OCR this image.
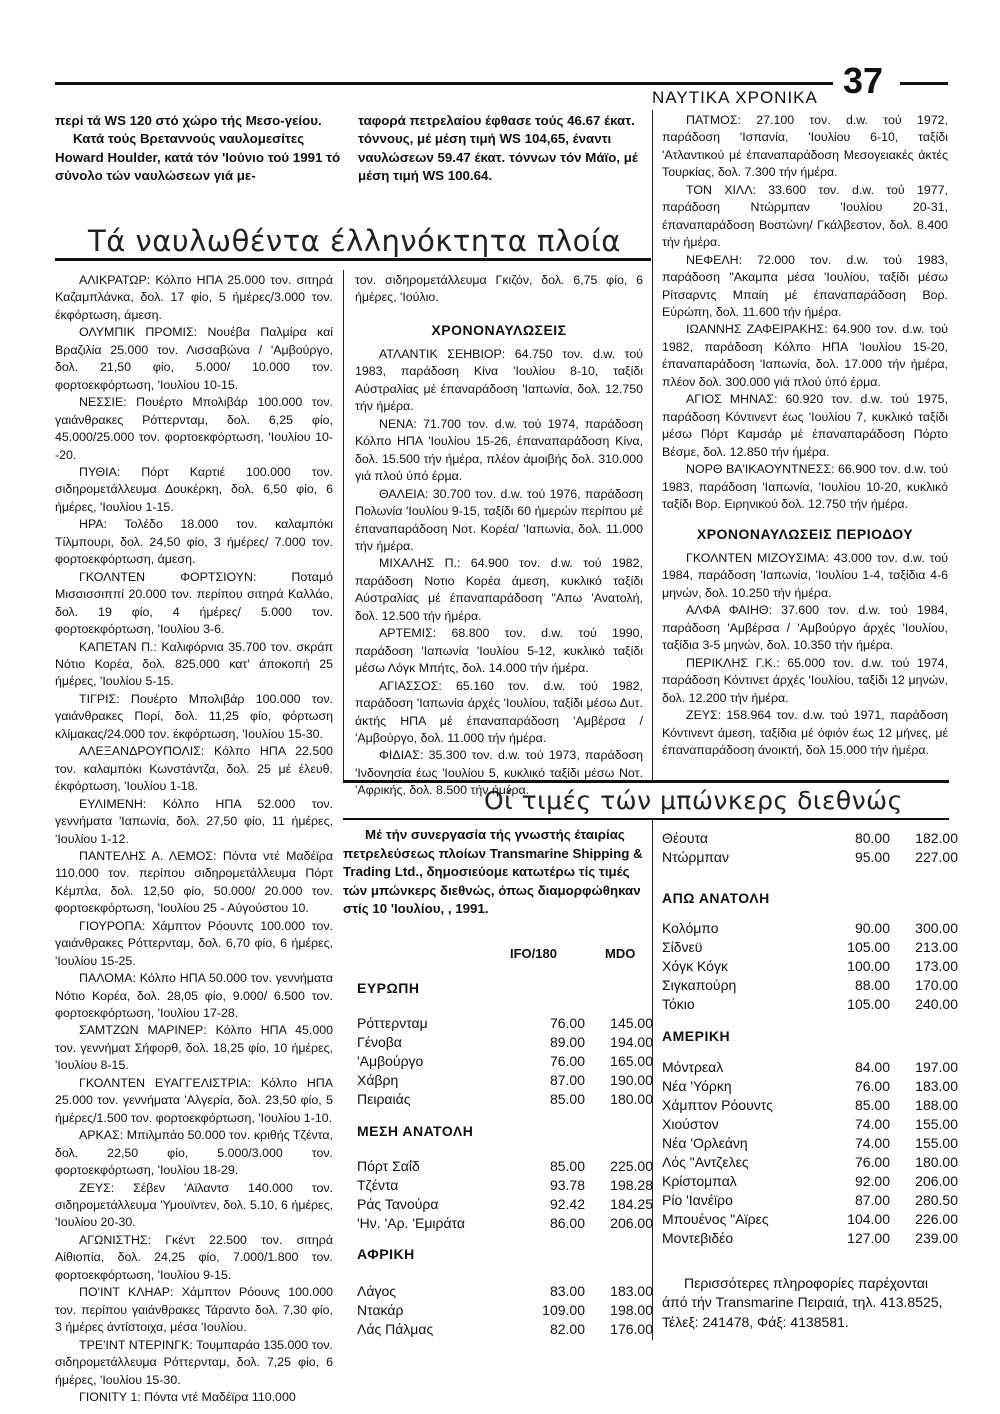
ΝΑΥΤΙΚΑ ΧΡΟΝΙΚΑ 37

περί τά WS 120 στό χώρο τής Μεσο-γείου.

Κατά τούς Βρεταννούς ναυλομεσίτες Howard Houlder, κατά τόν 'Ιούνιο τού 1991 τό σύνολο τών ναυλώσεων γιά με-

ταφορά πετρελαίου έφθασε τούς 46.67 έκατ. τόννους, μέ μέση τιμή WS 104,65, έναντι ναυλώσεων 59.47 έκατ. τόννων τόν Μάϊο, μέ μέση τιμή WS 100.64.

Τά ναυλωθέντα έλληνόκτητα πλοία

ΑΛΙΚΡΑΤΩΡ: Κόλπο ΗΠΑ 25.000 τον. σιτηρά Καζαμπλάνκα, δολ. 17 φίο, 5 ήμέρες/3.000 τον. έκφόρτωση, άμεση.

ΟΛΥΜΠΙΚ ΠΡΟΜΙΣ: Νουέβα Παλμίρα καί Βραζιλία 25.000 τον. Λισσαβώνα / 'Αμβούργο, δολ. 21,50 φίο, 5.000/ 10.000 τον. φορτοεκφόρτωση, 'Ιουλίου 10-15.

ΝΕΣΣΙΕ: Πουέρτο Μπολιβάρ 100.000 τον. γαιάνθρακες Ρόττερνταμ, δολ. 6,25 φίο, 45.000/25.000 τον. φορτοεκφόρτωση, 'Ιουλίου 10--20.

ΠΥΘΙΑ: Πόρτ Καρτιέ 100.000 τον. σιδηρομετάλλευμα Δουκέρκη, δολ. 6,50 φίο, 6 ήμέρες, 'Ιουλίου 1-15.

ΗΡΑ: Τολέδο 18.000 τον. καλαμπόκι Τίλμπουρι, δολ. 24,50 φίο, 3 ήμέρες/ 7.000 τον. φορτοεκφόρτωση, άμεση.

ΓΚΟΛΝΤΕΝ ΦΟΡΤΣΙΟΥΝ: Ποταμό Μισσισσιππί 20.000 τον. περίπου σιτηρά Καλλάο, δολ. 19 φίο, 4 ήμέρες/ 5.000 τον. φορτοεκφόρτωση, 'Ιουλίου 3-6.

ΚΑΠΕΤΑΝ Π.: Καλιφόρνια 35.700 τον. σκράπ Νότιο Κορέα, δολ. 825.000 κατ' άποκοπή 25 ήμέρες, 'Ιουλίου 5-15.

ΤΙΓΡΙΣ: Πουέρτο Μπολιβάρ 100.000 τον. γαιάνθρακες Πορί, δολ. 11,25 φίο, φόρτωση κλίμακας/24.000 τον. έκφόρτωση, 'Ιουλίου 15-30.

ΑΛΕΞΑΝΔΡΟΥΠΟΛΙΣ: Κόλπο ΗΠΑ 22.500 τον. καλαμπόκι Κωνστάντζα, δολ. 25 μέ έλευθ. έκφόρτωση, 'Ιουλίου 1-18.

ΕΥΛΙΜΕΝΗ: Κόλπο ΗΠΑ 52.000 τον. γεννήματα 'Ιαπωνία, δολ. 27,50 φίο, 11 ήμέρες, 'Ιουλίου 1-12.

ΠΑΝΤΕΛΗΣ Α. ΛΕΜΟΣ: Πόντα ντέ Μαδέϊρα 110.000 τον. περίπου σιδηρομετάλλευμα Πόρτ Κέμπλα, δολ. 12,50 φίο, 50.000/ 20.000 τον. φορτοεκφόρτωση, 'Ιουλίου 25 - Αύγούστου 10.

ΓΙΟΥΡΟΠΑ: Χάμπτον Ρόουντς 100.000 τον. γαιάνθρακες Ρόττερνταμ, δολ. 6,70 φίο, 6 ήμέρες, 'Ιουλίου 15-25.

ΠΑΛΟΜΑ: Κόλπο ΗΠΑ 50.000 τον. γεννήματα Νότιο Κορέα, δολ. 28,05 φίο, 9.000/ 6.500 τον. φορτοεκφόρτωση, 'Ιουλίου 17-28.

ΣΑΜΤΖΩΝ ΜΑΡΙΝΕΡ: Κόλπο ΗΠΑ 45.000 τον. γεννήματ Σήφορθ, δολ. 18,25 φίο, 10 ήμέρες, 'Ιουλίου 8-15.

ΓΚΟΛΝΤΕΝ ΕΥΑΓΓΕΛΙΣΤΡΙΑ: Κόλπο ΗΠΑ 25.000 τον. γεννήματα 'Αλγερία, δολ. 23,50 φίο, 5 ήμέρες/1.500 τον. φορτοεκφόρτωση, 'Ιουλίου 1-10.

ΑΡΚΑΣ: Μπιλμπάο 50.000 τον. κριθής Τζέντα, δολ. 22,50 φίο, 5.000/3.000 τον. φορτοεκφόρτωση, 'Ιουλίου 18-29.

ΖΕΥΣ: Σέβεν 'Αϊλαντσ 140.000 τον. σιδηρομετάλλευμα 'Υμουϊντεν, δολ. 5.10, 6 ήμέρες, 'Ιουλίου 20-30.

ΑΓΩΝΙΣΤΗΣ: Γκέντ 22.500 τον. σιτηρά Αίθιοπία, δολ. 24,25 φίο, 7.000/1.800 τον. φορτοεκφόρτωση, 'Ιουλίου 9-15.

ΠΟ'ΙΝΤ ΚΛΗΑΡ: Χάμπτον Ρόουνς 100.000 τον. περίπου γαιάνθρακες Τάραντο δολ. 7,30 φίο, 3 ήμέρες άντίστοιχα, μέσα 'Ιουλίου.

ΤΡΕ'ΙΝΤ ΝΤΕΡΙΝΓΚ: Τουμπαράο 135.000 τον. σιδηρομετάλλευμα Ρόττερνταμ, δολ. 7,25 φίο, 6 ήμέρες, 'Ιουλίου 15-30.

ΓΙΟΝΙΤΥ 1: Πόντα ντέ Μαδέϊρα 110.000

τον. σιδηρομετάλλευμα Γκιζόν, δολ. 6,75 φίο, 6 ήμέρες, 'Ιούλιο.

ΧΡΟΝΟΝΑΥΛΩΣΕΙΣ

ΑΤΛΑΝΤΙΚ ΣΕΗΒΙΟΡ: 64.750 τον. d.w. τού 1983, παράδοση Κίνα 'Ιουλίου 8-10, ταξίδι Αύστραλίας μέ έπαναράδοση 'Ιαπωνία, δολ. 12.750 τήν ήμέρα.

ΝΕΝΑ: 71.700 τον. d.w. τού 1974, παράδοση Κόλπο ΗΠΑ 'Ιουλίου 15-26, έπαναπαράδοση Κίνα, δολ. 15.500 τήν ήμέρα, πλέον άμοιβής δολ. 310.000 γιά πλού ύπό έρμα.

ΘΑΛΕΙΑ: 30.700 τον. d.w. τού 1976, παράδοση Πολωνία 'Ιουλίου 9-15, ταξίδι 60 ήμερών περίπου μέ έπαναπαράδοση Νοτ. Κορέα/ 'Ιαπωνία, δολ. 11.000 τήν ήμέρα.

ΜΙΧΑΛΗΣ Π.: 64.900 τον. d.w. τού 1982, παράδοση Νοτιο Κορέα άμεση, κυκλικό ταξίδι Αύστραλίας μέ έπαναπαράδοση "Απω 'Ανατολή, δολ. 12.500 τήν ήμέρα.

ΑΡΤΕΜΙΣ: 68.800 τον. d.w. τού 1990, παράδοση 'Ιαπωνία 'Ιουλίου 5-12, κυκλικό ταξίδι μέσω Λόγκ Μπήτς, δολ. 14.000 τήν ήμέρα.

ΑΓΙΑΣΣΟΣ: 65.160 τον. d.w. τού 1982, παράδοση 'Ιαπωνία άρχές 'Ιουλίου, ταξίδι μέσω Δυτ. άκτής ΗΠΑ μέ έπαναπαράδοση 'Αμβέρσα / 'Αμβούργο, δολ. 11.000 τήν ήμέρα.

ΦΙΔΙΑΣ: 35.300 τον. d.w. τού 1973, παράδοση 'Ινδονησία έως 'Ιουλίου 5, κυκλικό ταξίδι μέσω Νοτ. 'Αφρικής, δολ. 8.500 τήν ήμέρα.

ΠΑΤΜΟΣ: 27.100 τον. d.w. τού 1972, παράδοση 'Ισπανία, 'Ιουλίου 6-10, ταξίδι 'Ατλαντικού μέ έπαναπαράδοση Μεσογειακές άκτές Τουρκίας, δολ. 7.300 τήν ήμέρα.

ΤΟΝ ΧΙΛΛ: 33.600 τον. d.w. τού 1977, παράδοση Ντώρμπαν 'Ιουλίου 20-31, έπαναπαράδοση Βοστώνη/ Γκάλβεστον, δολ. 8.400 τήν ήμέρα.

ΝΕΦΕΛΗ: 72.000 τον. d.w. τού 1983, παράδοση "Ακαμπα μέσα 'Ιουλίου, ταξίδι μέσω Ρίτσαρντς Μπαίη μέ έπαναπαράδοση Βορ. Εύρώπη, δολ. 11.600 τήν ήμέρα.

ΙΩΑΝΝΗΣ ΖΑΦΕΙΡΑΚΗΣ: 64.900 τον. d.w. τού 1982, παράδοση Κόλπο ΗΠΑ 'Ιουλίου 15-20, έπαναπαράδοση 'Ιαπωνία, δολ. 17.000 τήν ήμέρα, πλέον δολ. 300.000 γιά πλού ύπό έρμα.

ΑΓΙΟΣ ΜΗΝΑΣ: 60.920 τον. d.w. τού 1975, παράδοση Κόντινεντ έως 'Ιουλίου 7, κυκλικό ταξίδι μέσω Πόρτ Καμσάρ μέ έπαναπαράδοση Πόρτο Βέσμε, δολ. 12.850 τήν ήμέρα.

ΝΟΡΘ ΒΑ'ΙΚΑΟΥΝΤΝΕΣΣ: 66.900 τον. d.w. τού 1983, παράδοση 'Ιαπωνία, 'Ιουλίου 10-20, κυκλικό ταξίδι Βορ. Ειρηνικού δολ. 12.750 τήν ήμέρα.

ΧΡΟΝΟΝΑΥΛΩΣΕΙΣ ΠΕΡΙΟΔΟΥ

ΓΚΟΛΝΤΕΝ ΜΙΖΟΥΣΙΜΑ: 43.000 τον. d.w. τού 1984, παράδοση 'Ιαπωνία, 'Ιουλίου 1-4, ταξίδια 4-6 μηνών, δολ. 10.250 τήν ήμέρα.

ΑΛΦΑ ΦΑΙΗΘ: 37.600 τον. d.w. τού 1984, παράδοση 'Αμβέρσα / 'Αμβούργο άρχές 'Ιουλίου, ταξίδια 3-5 μηνών, δολ. 10.350 τήν ήμέρα.

ΠΕΡΙΚΛΗΣ Γ.Κ.: 65.000 τον. d.w. τού 1974, παράδοση Κόντινετ άρχές 'Ιουλίου, ταξίδι 12 μηνών, δολ. 12.200 τήν ήμέρα.

ΖΕΥΣ: 158.964 τον. d.w. τού 1971, παράδοση Κόντινεντ άμεση, ταξίδια μέ όφιόν έως 12 μήνες, μέ έπαναπαράδοση άνοικτή, δολ 15.000 τήν ήμέρα.

Οί τιμές τών μπώνκερς διεθνώς
Μέ τήν συνεργασία τής γνωστής έταιρίας πετρελεύσεως πλοίων Transmarine Shipping & Trading Ltd., δημοσιεύομε κατωτέρω τίς τιμές τών μπώνκερς διεθνώς, όπως διαμορφώθηκαν στίς 10 'Ιουλίου, , 1991.
IFO/180	MDO
ΕΥΡΩΠΗ
Ρόττερνταμ	76.00	145.00
Γένοβα	89.00	194.00
'Αμβούργο	76.00	165.00
Χάβρη	87.00	190.00
Πειραιάς	85.00	180.00
ΜΕΣΗ ΑΝΑΤΟΛΗ
Πόρτ Σαΐδ	85.00	225.00
Τζέντα	93.78	198.28
Ράς Τανούρα	92.42	184.25
'Ην. 'Αρ. 'Εμιράτα	86.00	206.00
ΑΦΡΙΚΗ
Λάγος	83.00	183.00
Ντακάρ	109.00	198.00
Λάς Πάλμας	82.00	176.00
Θέουτα	80.00	182.00
Ντώρμπαν	95.00	227.00
ΑΠΩ ΑΝΑΤΟΛΗ
Κολόμπο	90.00	300.00
Σίδνεϋ	105.00	213.00
Χόγκ Κόγκ	100.00	173.00
Σιγκαπούρη	88.00	170.00
Τόκιο	105.00	240.00
ΑΜΕΡΙΚΗ
Μόντρεαλ	84.00	197.00
Νέα 'Υόρκη	76.00	183.00
Χάμπτον Ρόουντς	85.00	188.00
Χιούστον	74.00	155.00
Νέα 'Ορλεάνη	74.00	155.00
Λός "Αντζελες	76.00	180.00
Κρίστομπαλ	92.00	206.00
Ρίο 'Ιανέϊρο	87.00	280.50
Μπουένος "Αϊρες	104.00	226.00
Μοντεβιδέο	127.00	239.00

Περισσότερες πληροφορίες παρέχονται άπό τήν Transmarine Πειραιά, τηλ. 413.8525, Τέλεξ: 241478, Φάξ: 4138581.
